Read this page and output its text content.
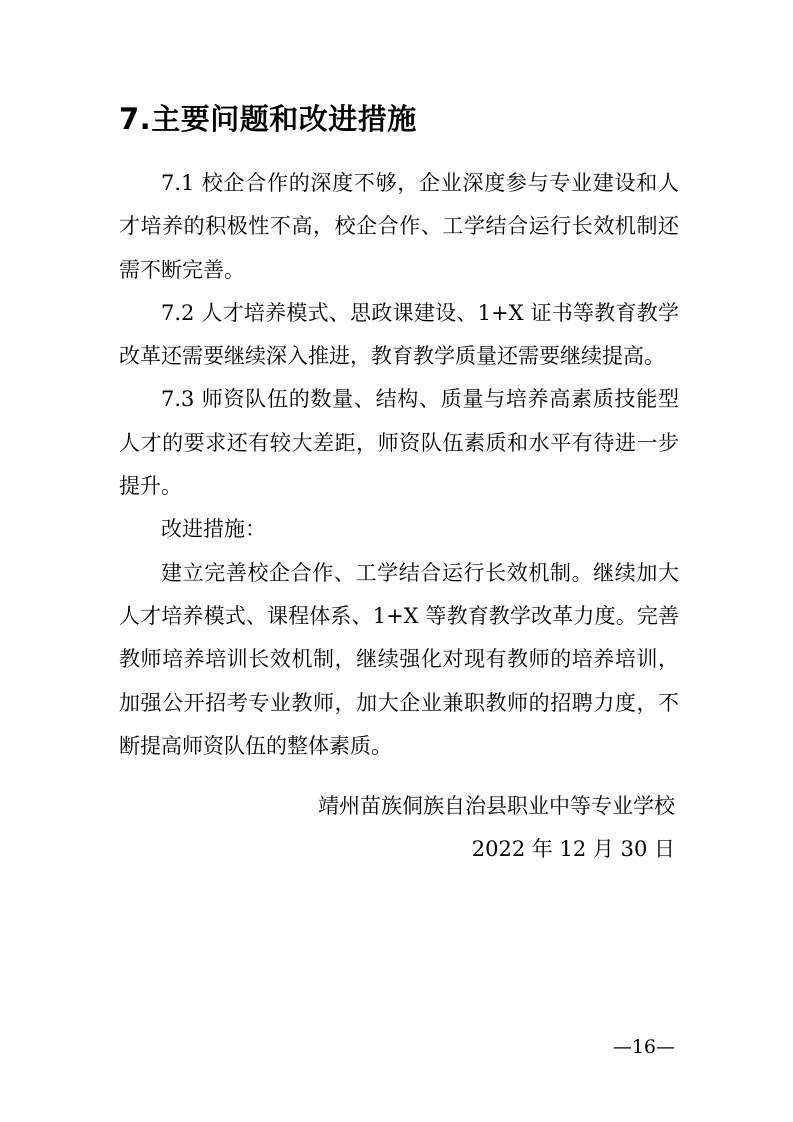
7.主要问题和改进措施

7.1 校企合作的深度不够，企业深度参与专业建设和人才培养的积极性不高，校企合作、工学结合运行长效机制还需不断完善。

7.2 人才培养模式、思政课建设、1+X 证书等教育教学改革还需要继续深入推进，教育教学质量还需要继续提高。

7.3 师资队伍的数量、结构、质量与培养高素质技能型人才的要求还有较大差距，师资队伍素质和水平有待进一步提升。

改进措施：

建立完善校企合作、工学结合运行长效机制。继续加大人才培养模式、课程体系、1+X 等教育教学改革力度。完善教师培养培训长效机制，继续强化对现有教师的培养培训，加强公开招考专业教师，加大企业兼职教师的招聘力度，不断提高师资队伍的整体素质。

靖州苗族侗族自治县职业中等专业学校
2022 年 12 月 30 日
—16—
